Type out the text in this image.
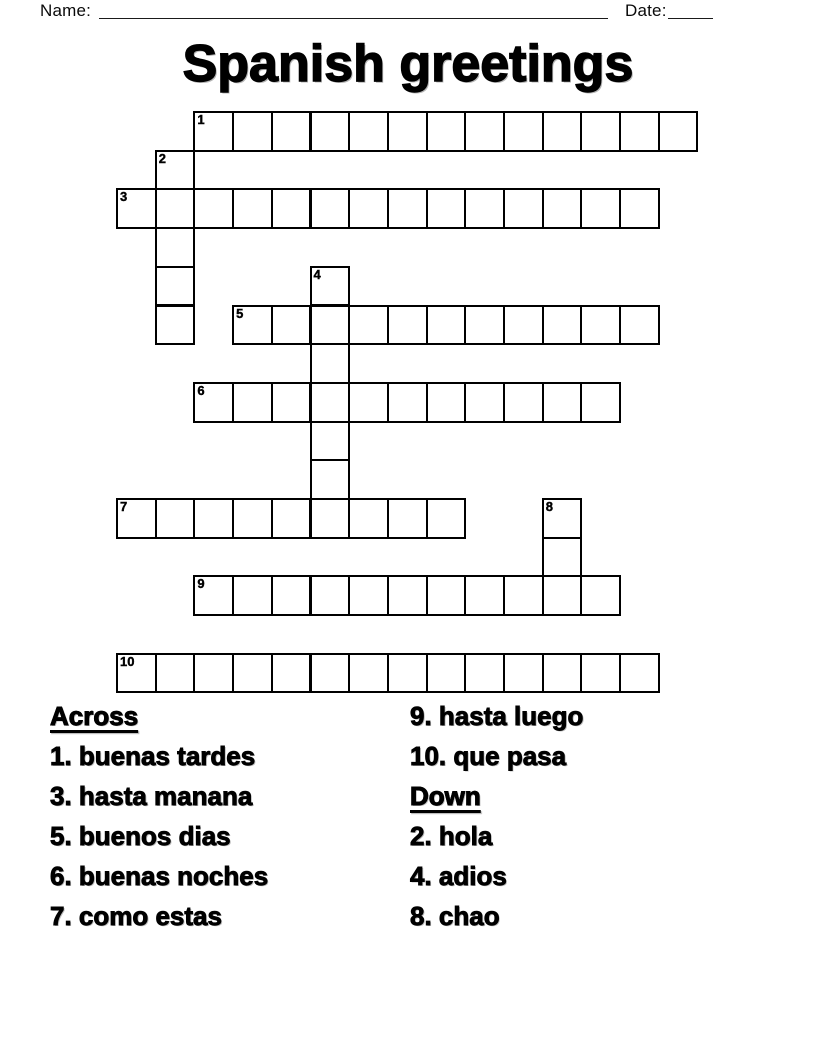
Name:	Date:
Spanish greetings
1
2
3
4
5
6
7	8
9
10
Across
1. buenas tardes
3. hasta manana
5. buenos dias
6. buenas noches
7. como estas
9. hasta luego
10. que pasa
Down
2. hola
4. adios
8. chao
